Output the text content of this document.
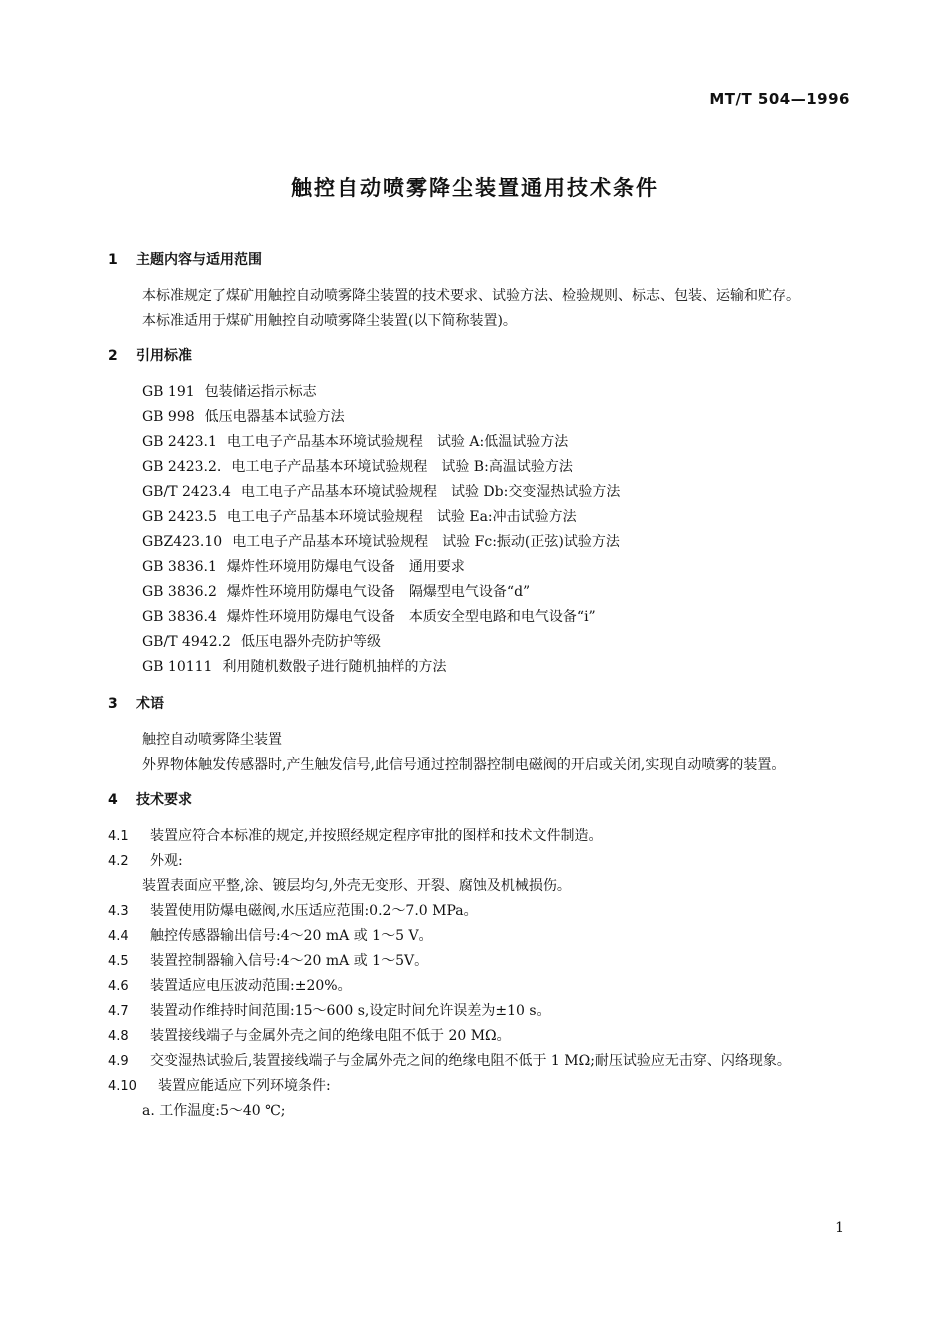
MT/T 504—1996
触控自动喷雾降尘装置通用技术条件
1 主题内容与适用范围

本标准规定了煤矿用触控自动喷雾降尘装置的技术要求、试验方法、检验规则、标志、包装、运输和贮存。

本标准适用于煤矿用触控自动喷雾降尘装置(以下简称装置)。

2 引用标准
GB 191 包装储运指示标志
GB 998 低压电器基本试验方法
GB 2423.1 电工电子产品基本环境试验规程　试验 A:低温试验方法
GB 2423.2. 电工电子产品基本环境试验规程　试验 B:高温试验方法
GB/T 2423.4 电工电子产品基本环境试验规程　试验 Db:交变湿热试验方法
GB 2423.5 电工电子产品基本环境试验规程　试验 Ea:冲击试验方法
GBZ423.10 电工电子产品基本环境试验规程　试验 Fc:振动(正弦)试验方法
GB 3836.1 爆炸性环境用防爆电气设备　通用要求
GB 3836.2 爆炸性环境用防爆电气设备　隔爆型电气设备“d”
GB 3836.4 爆炸性环境用防爆电气设备　本质安全型电路和电气设备“i”
GB/T 4942.2 低压电器外壳防护等级
GB 10111 利用随机数骰子进行随机抽样的方法
3 术语

触控自动喷雾降尘装置

外界物体触发传感器时,产生触发信号,此信号通过控制器控制电磁阀的开启或关闭,实现自动喷雾的装置。

4 技术要求

4.1 装置应符合本标准的规定,并按照经规定程序审批的图样和技术文件制造。

4.2 外观:

装置表面应平整,涂、镀层均匀,外壳无变形、开裂、腐蚀及机械损伤。

4.3 装置使用防爆电磁阀,水压适应范围:0.2～7.0 MPa。

4.4 触控传感器输出信号:4～20 mA 或 1～5 V。

4.5 装置控制器输入信号:4～20 mA 或 1～5V。

4.6 装置适应电压波动范围:±20%。

4.7 装置动作维持时间范围:15～600 s,设定时间允许误差为±10 s。

4.8 装置接线端子与金属外壳之间的绝缘电阻不低于 20 MΩ。

4.9 交变湿热试验后,装置接线端子与金属外壳之间的绝缘电阻不低于 1 MΩ;耐压试验应无击穿、闪络现象。

4.10 装置应能适应下列环境条件:

a. 工作温度:5～40 ℃;

1
